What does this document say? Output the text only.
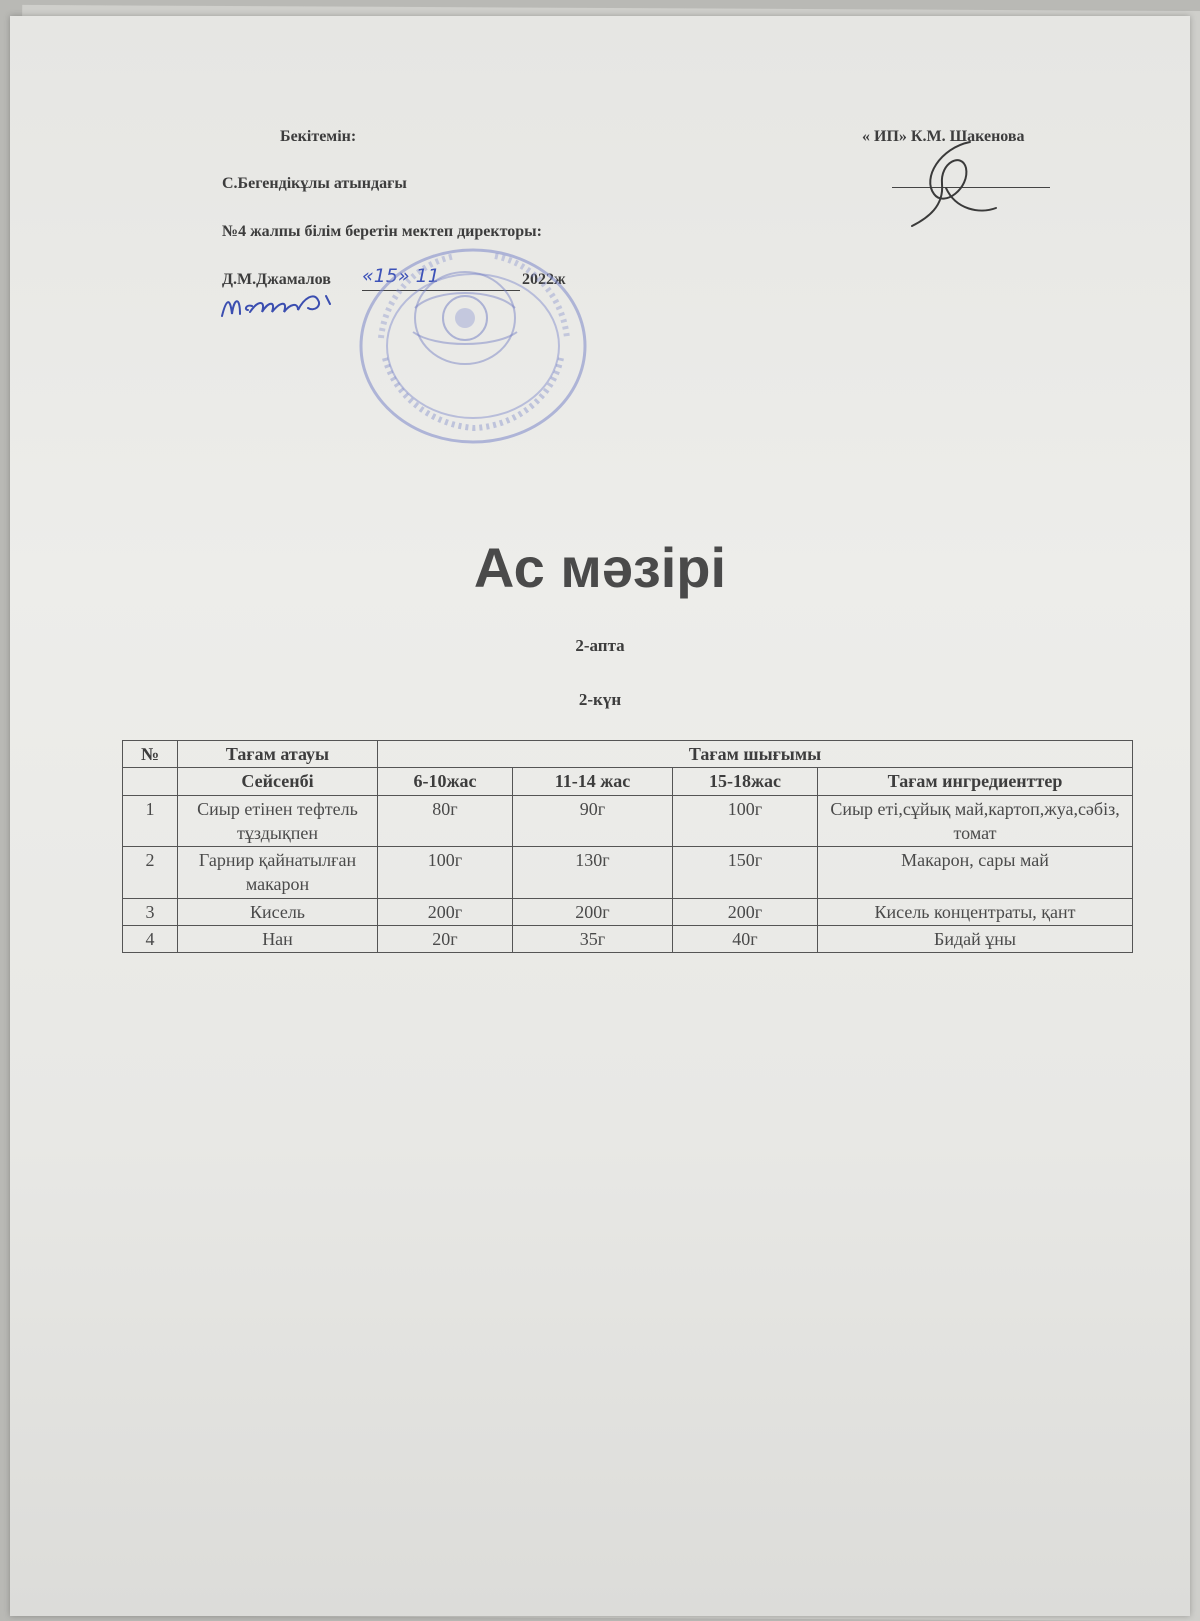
Бекітемін:
С.Бегендікұлы атындағы
№4 жалпы білім беретін мектеп директоры:
Д.М.Джамалов «15» 11	2022ж
« ИП» К.М. Шакенова
Ас мәзірі
2-апта
2-күн
№	Тағам атауы	Тағам шығымы			
	Сейсенбі	6-10жас	11-14 жас	15-18жас	Тағам ингредиенттер
1	Сиыр етінен тефтель тұздықпен	80г	90г	100г	Сиыр еті,сұйық май,картоп,жуа,сәбіз, томат
2	Гарнир қайнатылған макарон	100г	130г	150г	Макарон, сары май
3	Кисель	200г	200г	200г	Кисель концентраты, қант
4	Нан	20г	35г	40г	Бидай ұны
